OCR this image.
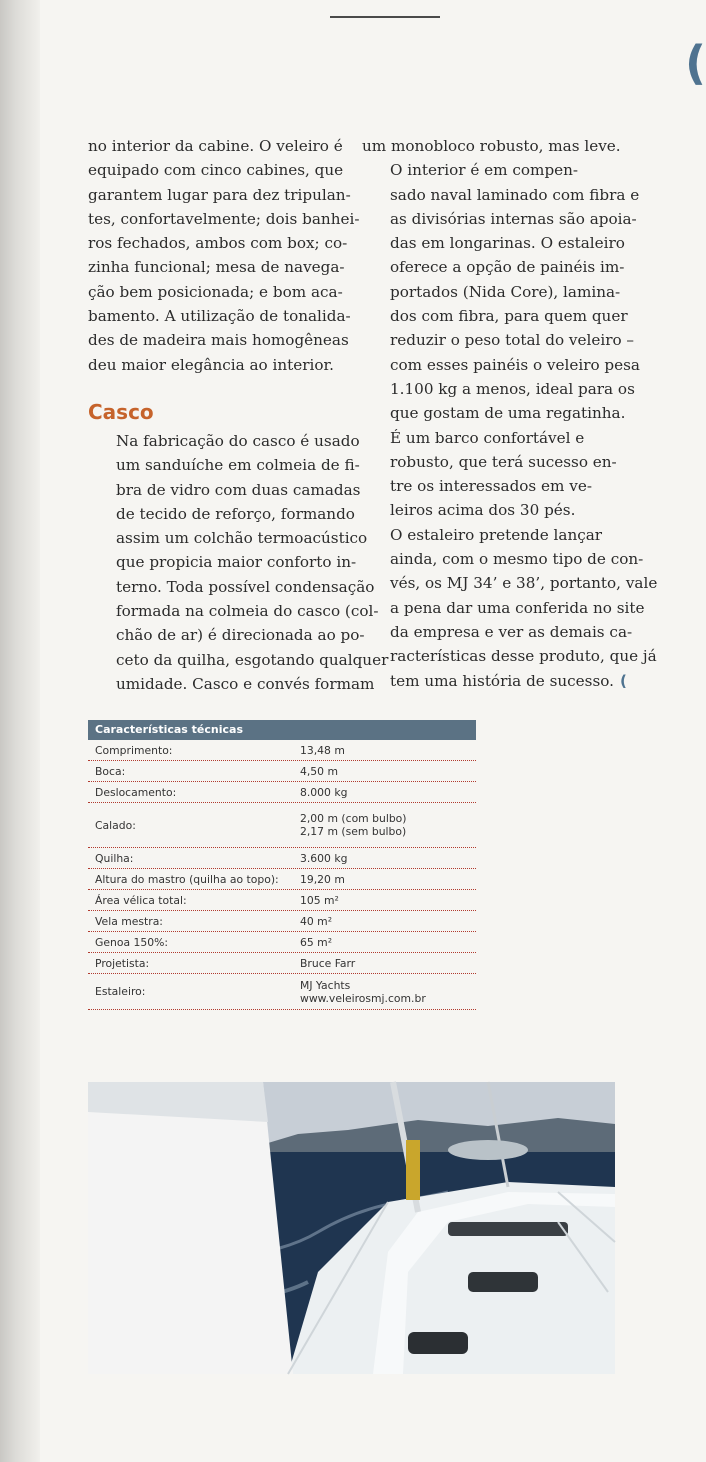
(

no interior da cabine. O veleiro é
equipado com cinco cabines, que
garantem lugar para dez tripulan-
tes, confortavelmente; dois banhei-
ros fechados, ambos com box; co-
zinha funcional; mesa de navega-
ção bem posicionada; e bom aca-
bamento. A utilização de tonalida-
des de madeira mais homogêneas
deu maior elegância ao interior.

Casco

Na fabricação do casco é usado
um sanduíche em colmeia de fi-
bra de vidro com duas camadas
de tecido de reforço, formando
assim um colchão termoacústico
que propicia maior conforto in-
terno. Toda possível condensação
formada na colmeia do casco (col-
chão de ar) é direcionada ao po-
ceto da quilha, esgotando qualquer
umidade. Casco e convés formam

um monobloco robusto, mas leve.

O interior é em compen-
sado naval laminado com fibra e
as divisórias internas são apoia-
das em longarinas. O estaleiro
oferece a opção de painéis im-
portados (Nida Core), lamina-
dos com fibra, para quem quer
reduzir o peso total do veleiro –
com esses painéis o veleiro pesa
1.100 kg a menos, ideal para os
que gostam de uma regatinha.

É um barco confortável e
robusto, que terá sucesso en-
tre os interessados em ve-
leiros acima dos 30 pés.

O estaleiro pretende lançar
ainda, com o mesmo tipo de con-
vés, os MJ 34’ e 38’, portanto, vale
a pena dar uma conferida no site
da empresa e ver as demais ca-
racterísticas desse produto, que já
tem uma história de sucesso. (

Características técnicas
Comprimento:	13,48 m
Boca:	4,50 m
Deslocamento:	8.000 kg
Calado:	2,00 m (com bulbo)
2,17 m (sem bulbo)
Quilha:	3.600 kg
Altura do mastro (quilha ao topo):	19,20 m
Área vélica total:	105 m²
Vela mestra:	40 m²
Genoa 150%:	65 m²
Projetista:	Bruce Farr
Estaleiro:	MJ Yachts
www.veleirosmj.com.br
